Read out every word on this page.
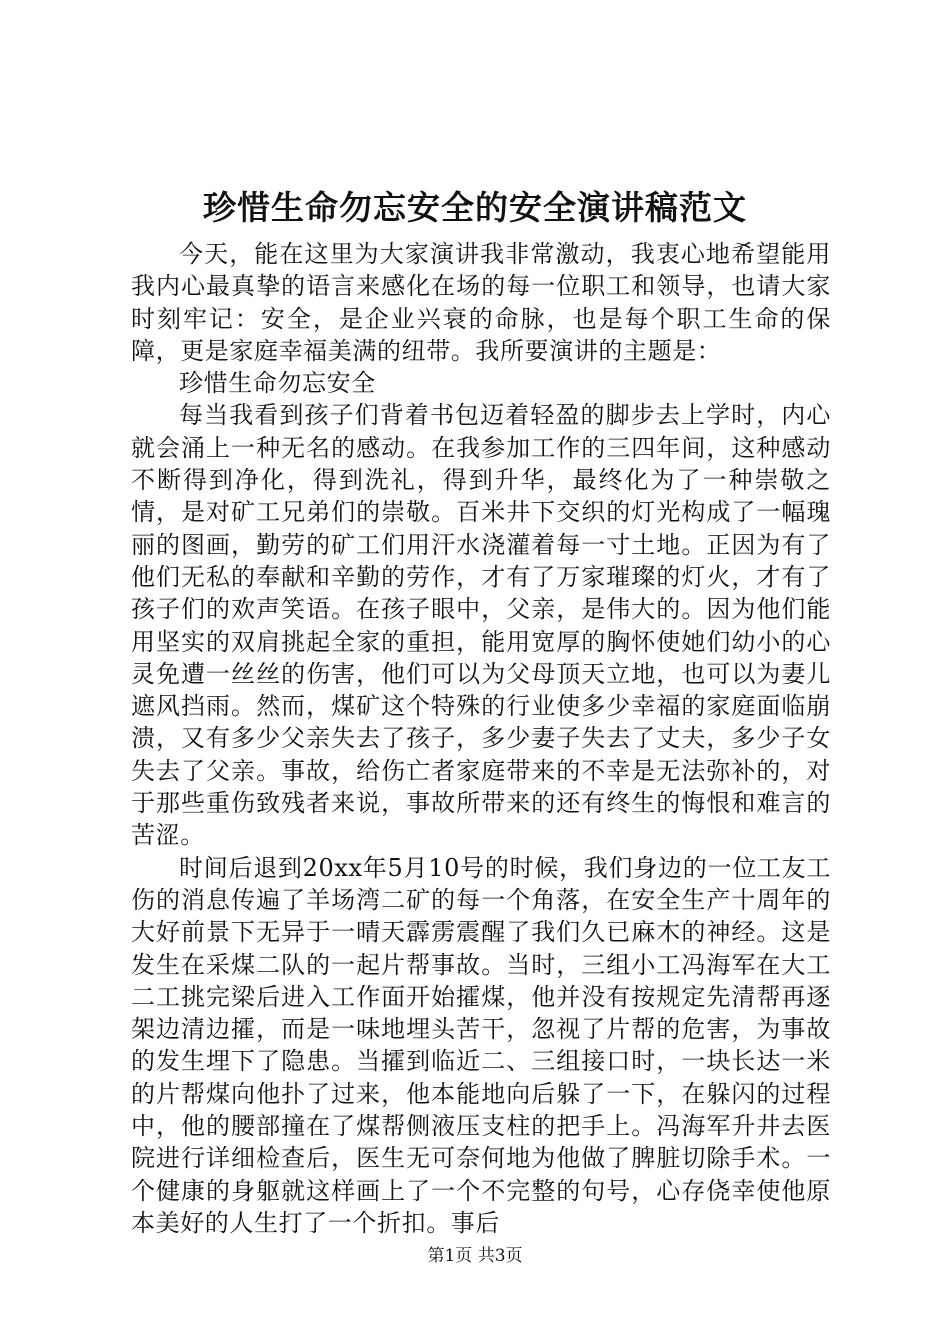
珍惜生命勿忘安全的安全演讲稿范文

今天，能在这里为大家演讲我非常激动，我衷心地希望能用我内心最真挚的语言来感化在场的每一位职工和领导，也请大家时刻牢记：安全，是企业兴衰的命脉，也是每个职工生命的保障，更是家庭幸福美满的纽带。我所要演讲的主题是：

珍惜生命勿忘安全

每当我看到孩子们背着书包迈着轻盈的脚步去上学时，内心就会涌上一种无名的感动。在我参加工作的三四年间，这种感动不断得到净化，得到洗礼，得到升华，最终化为了一种崇敬之情，是对矿工兄弟们的崇敬。百米井下交织的灯光构成了一幅瑰丽的图画，勤劳的矿工们用汗水浇灌着每一寸土地。正因为有了他们无私的奉献和辛勤的劳作，才有了万家璀璨的灯火，才有了孩子们的欢声笑语。在孩子眼中，父亲，是伟大的。因为他们能用坚实的双肩挑起全家的重担，能用宽厚的胸怀使她们幼小的心灵免遭一丝丝的伤害，他们可以为父母顶天立地，也可以为妻儿遮风挡雨。然而，煤矿这个特殊的行业使多少幸福的家庭面临崩溃，又有多少父亲失去了孩子，多少妻子失去了丈夫，多少子女失去了父亲。事故，给伤亡者家庭带来的不幸是无法弥补的，对于那些重伤致残者来说，事故所带来的还有终生的悔恨和难言的苦涩。

时间后退到20xx年5月10号的时候，我们身边的一位工友工伤的消息传遍了羊场湾二矿的每一个角落，在安全生产十周年的大好前景下无异于一晴天霹雳震醒了我们久已麻木的神经。这是发生在采煤二队的一起片帮事故。当时，三组小工冯海军在大工二工挑完梁后进入工作面开始攉煤，他并没有按规定先清帮再逐架边清边攉，而是一味地埋头苦干，忽视了片帮的危害，为事故的发生埋下了隐患。当攉到临近二、三组接口时，一块长达一米的片帮煤向他扑了过来，他本能地向后躲了一下，在躲闪的过程中，他的腰部撞在了煤帮侧液压支柱的把手上。冯海军升井去医院进行详细检查后，医生无可奈何地为他做了脾脏切除手术。一个健康的身躯就这样画上了一个不完整的句号，心存侥幸使他原本美好的人生打了一个折扣。事后

第1页 共3页
